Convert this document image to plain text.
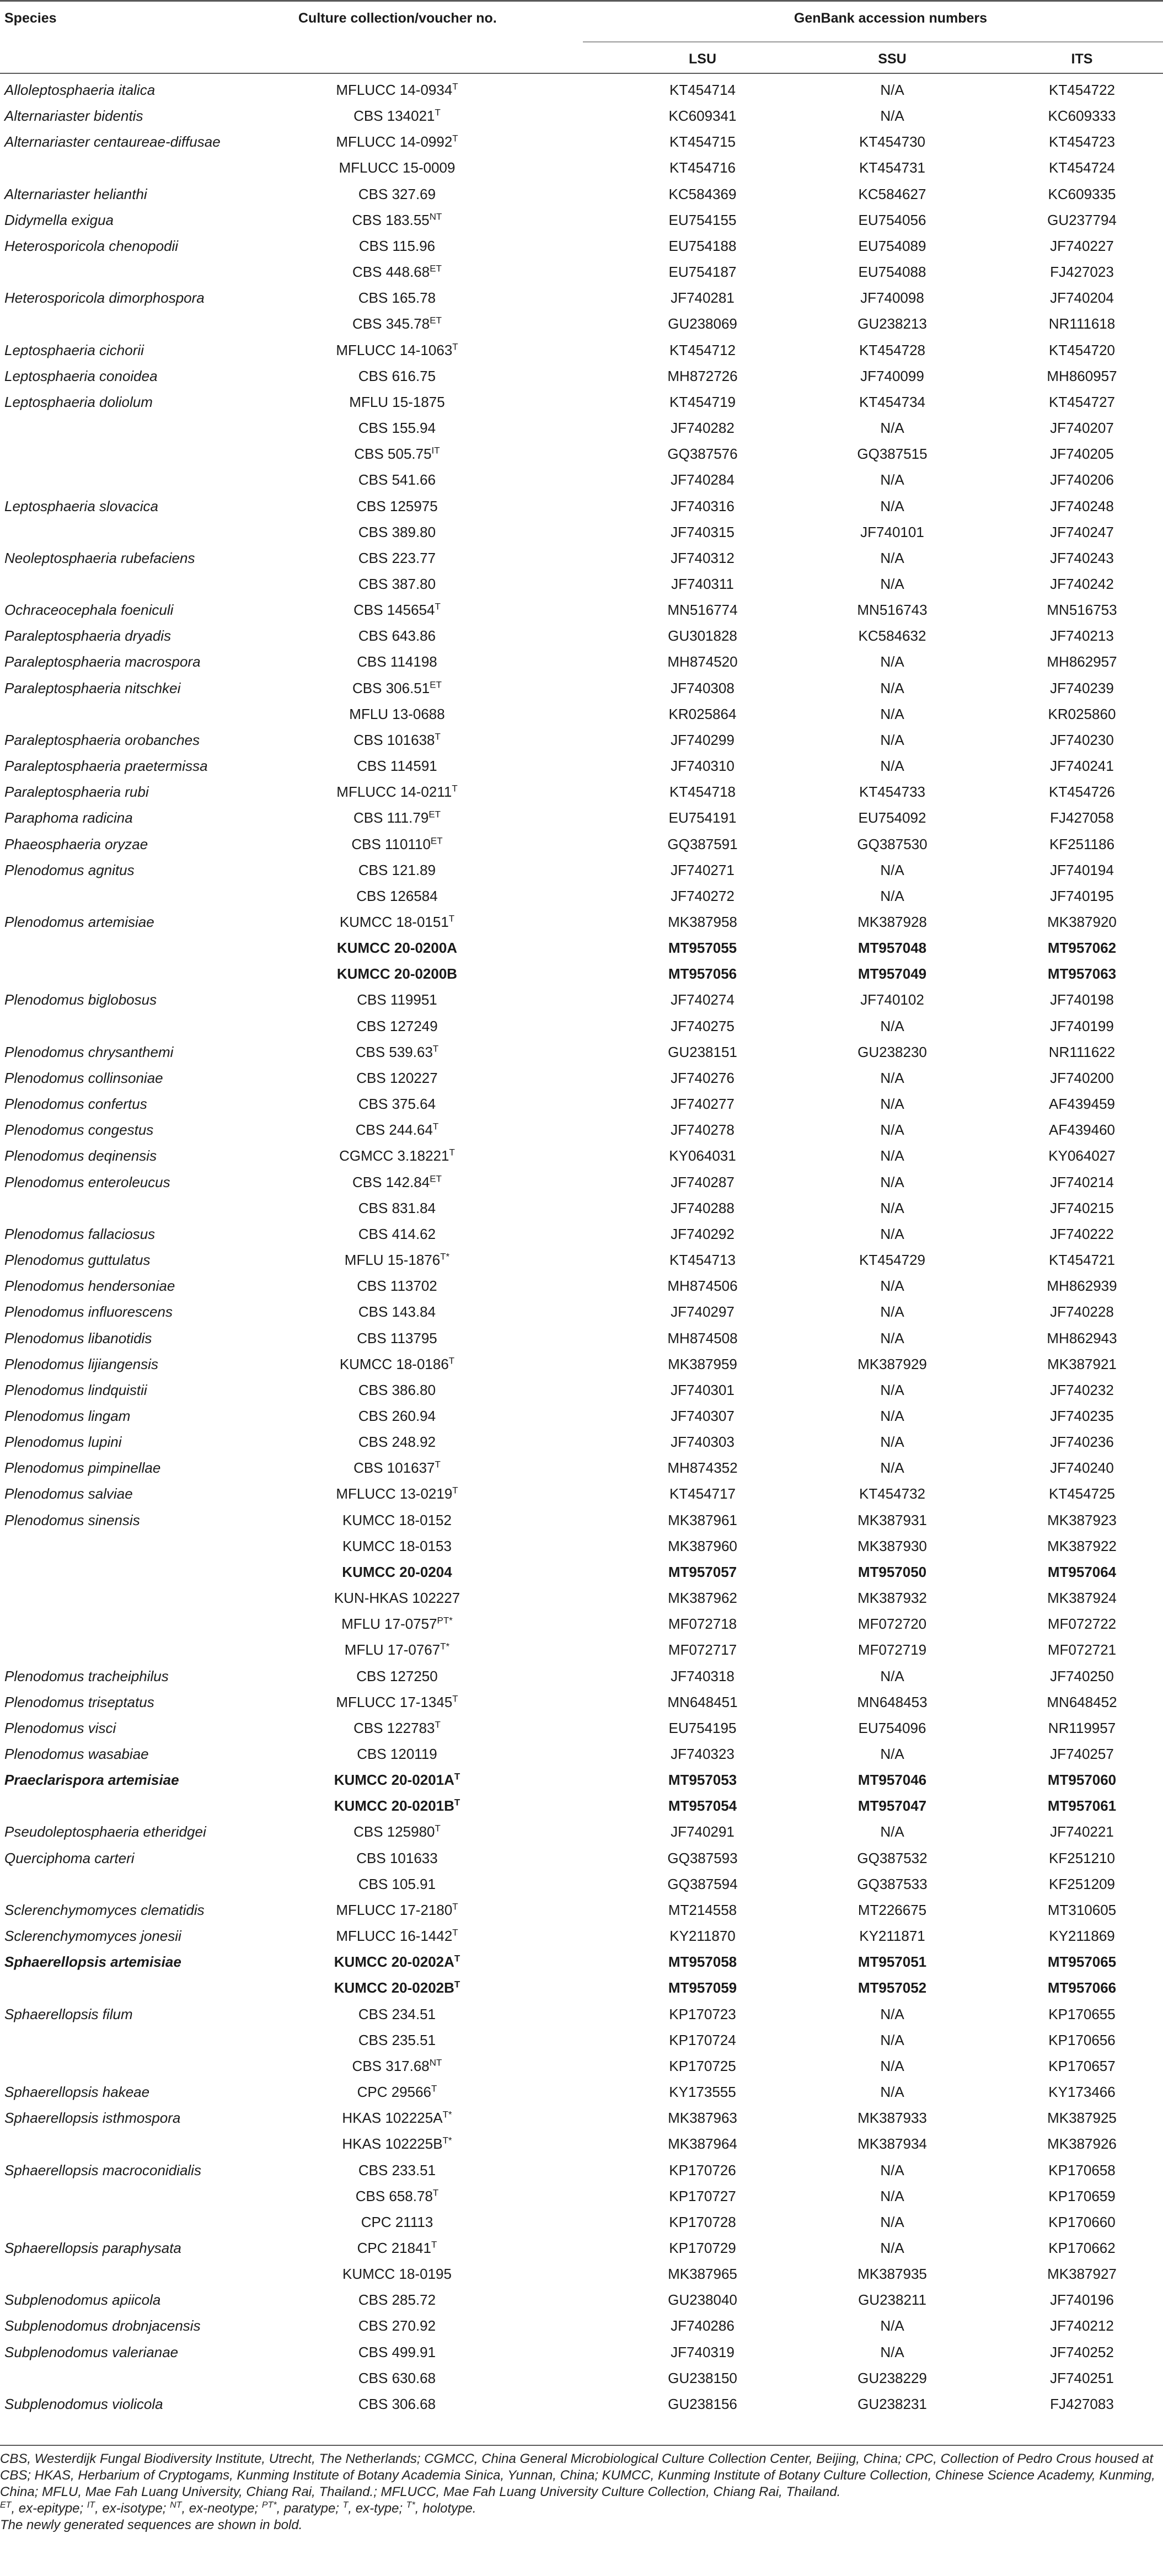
Species	Culture collection/voucher no.	GenBank accession numbers
LSU	SSU	ITS
Alloleptosphaeria italica	MFLUCC $14-0934^T$	KT454714	N/A	KT454722
Alternariaster bidentis	CBS $134021^T$	KC609341	N/A	KC609333
Alternariaster centaureae-diffusae	MFLUCC $14-0992^T$	KT454715	KT454730	KT454723
MFLUCC 15-0009	KT454716	KT454731	KT454724
Alternariaster helianthi	CBS 327.69	KC584369	KC584627	KC609335
Didymella exigua	CBS $183.55^{NT}$	EU754155	EU754056	GU237794
Heterosporicola chenopodii	CBS 115.96	EU754188	EU754089	JF740227
CBS $448.68^{ET}$	EU754187	EU754088	FJ427023
Heterosporicola dimorphospora	CBS 165.78	JF740281	JF740098	JF740204
CBS $345.78^{ET}$	GU238069	GU238213	NR111618
Leptosphaeria cichorii	MFLUCC $14-1063^T$	KT454712	KT454728	KT454720
Leptosphaeria conoidea	CBS 616.75	MH872726	JF740099	MH860957
Leptosphaeria doliolum	MFLU 15-1875	KT454719	KT454734	KT454727
CBS 155.94	JF740282	N/A	JF740207
CBS $505.75^{IT}$	GQ387576	GQ387515	JF740205
CBS 541.66	JF740284	N/A	JF740206
Leptosphaeria slovacica	CBS 125975	JF740316	N/A	JF740248
CBS 389.80	JF740315	JF740101	JF740247
Neoleptosphaeria rubefaciens	CBS 223.77	JF740312	N/A	JF740243
CBS 387.80	JF740311	N/A	JF740242
Ochraceocephala foeniculi	CBS $145654^T$	MN516774	MN516743	MN516753
Paraleptosphaeria dryadis	CBS 643.86	GU301828	KC584632	JF740213
Paraleptosphaeria macrospora	CBS 114198	MH874520	N/A	MH862957
Paraleptosphaeria nitschkei	CBS $306.51^{ET}$	JF740308	N/A	JF740239
MFLU 13-0688	KR025864	N/A	KR025860
Paraleptosphaeria orobanches	CBS $101638^T$	JF740299	N/A	JF740230
Paraleptosphaeria praetermissa	CBS 114591	JF740310	N/A	JF740241
Paraleptosphaeria rubi	MFLUCC $14-0211^T$	KT454718	KT454733	KT454726
Paraphoma radicina	CBS $111.79^{ET}$	EU754191	EU754092	FJ427058
Phaeosphaeria oryzae	CBS $110110^{ET}$	GQ387591	GQ387530	KF251186
Plenodomus agnitus	CBS 121.89	JF740271	N/A	JF740194
CBS 126584	JF740272	N/A	JF740195
Plenodomus artemisiae	KUMCC $18-0151^T$	MK387958	MK387928	MK387920
KUMCC 20-0200A	MT957055	MT957048	MT957062
KUMCC 20-0200B	MT957056	MT957049	MT957063
Plenodomus biglobosus	CBS 119951	JF740274	JF740102	JF740198
CBS 127249	JF740275	N/A	JF740199
Plenodomus chrysanthemi	CBS $539.63^T$	GU238151	GU238230	NR111622
Plenodomus collinsoniae	CBS 120227	JF740276	N/A	JF740200
Plenodomus confertus	CBS 375.64	JF740277	N/A	AF439459
Plenodomus congestus	CBS $244.64^T$	JF740278	N/A	AF439460
Plenodomus deqinensis	CGMCC $3.18221^T$	KY064031	N/A	KY064027
Plenodomus enteroleucus	CBS $142.84^{ET}$	JF740287	N/A	JF740214
CBS 831.84	JF740288	N/A	JF740215
Plenodomus fallaciosus	CBS 414.62	JF740292	N/A	JF740222
Plenodomus guttulatus	MFLU $15-1876^{T*}$	KT454713	KT454729	KT454721
Plenodomus hendersoniae	CBS 113702	MH874506	N/A	MH862939
Plenodomus influorescens	CBS 143.84	JF740297	N/A	JF740228
Plenodomus libanotidis	CBS 113795	MH874508	N/A	MH862943
Plenodomus lijiangensis	KUMCC $18-0186^T$	MK387959	MK387929	MK387921
Plenodomus lindquistii	CBS 386.80	JF740301	N/A	JF740232
Plenodomus lingam	CBS 260.94	JF740307	N/A	JF740235
Plenodomus lupini	CBS 248.92	JF740303	N/A	JF740236
Plenodomus pimpinellae	CBS $101637^T$	MH874352	N/A	JF740240
Plenodomus salviae	MFLUCC $13-0219^T$	KT454717	KT454732	KT454725
Plenodomus sinensis	KUMCC 18-0152	MK387961	MK387931	MK387923
KUMCC 18-0153	MK387960	MK387930	MK387922
KUMCC 20-0204	MT957057	MT957050	MT957064
KUN-HKAS 102227	MK387962	MK387932	MK387924
MFLU $17-0757^{PT*}$	MF072718	MF072720	MF072722
MFLU $17-0767^{T*}$	MF072717	MF072719	MF072721
Plenodomus tracheiphilus	CBS 127250	JF740318	N/A	JF740250
Plenodomus triseptatus	MFLUCC $17-1345^T$	MN648451	MN648453	MN648452
Plenodomus visci	CBS $122783^T$	EU754195	EU754096	NR119957
Plenodomus wasabiae	CBS 120119	JF740323	N/A	JF740257
Praeclarispora artemisiae	KUMCC $20-0201A^T$	MT957053	MT957046	MT957060
KUMCC $20-0201B^T$	MT957054	MT957047	MT957061
Pseudoleptosphaeria etheridgei	CBS $125980^T$	JF740291	N/A	JF740221
Querciphoma carteri	CBS 101633	GQ387593	GQ387532	KF251210
CBS 105.91	GQ387594	GQ387533	KF251209
Sclerenchymomyces clematidis	MFLUCC $17-2180^T$	MT214558	MT226675	MT310605
Sclerenchymomyces jonesii	MFLUCC $16-1442^T$	KY211870	KY211871	KY211869
Sphaerellopsis artemisiae	KUMCC $20-0202A^T$	MT957058	MT957051	MT957065
KUMCC $20-0202B^T$	MT957059	MT957052	MT957066
Sphaerellopsis filum	CBS 234.51	KP170723	N/A	KP170655
CBS 235.51	KP170724	N/A	KP170656
CBS $317.68^{NT}$	KP170725	N/A	KP170657
Sphaerellopsis hakeae	CPC $29566^T$	KY173555	N/A	KY173466
Sphaerellopsis isthmospora	HKAS $102225A^{T*}$	MK387963	MK387933	MK387925
HKAS $102225B^{T*}$	MK387964	MK387934	MK387926
Sphaerellopsis macroconidialis	CBS 233.51	KP170726	N/A	KP170658
CBS $658.78^T$	KP170727	N/A	KP170659
CPC 21113	KP170728	N/A	KP170660
Sphaerellopsis paraphysata	CPC $21841^T$	KP170729	N/A	KP170662
KUMCC 18-0195	MK387965	MK387935	MK387927
Subplenodomus apiicola	CBS 285.72	GU238040	GU238211	JF740196
Subplenodomus drobnjacensis	CBS 270.92	JF740286	N/A	JF740212
Subplenodomus valerianae	CBS 499.91	JF740319	N/A	JF740252
CBS 630.68	GU238150	GU238229	JF740251
Subplenodomus violicola	CBS 306.68	GU238156	GU238231	FJ427083

CBS, Westerdijk Fungal Biodiversity Institute, Utrecht, The Netherlands; CGMCC, China General Microbiological Culture Collection Center, Beijing, China; CPC, Collection of Pedro Crous housed at CBS; HKAS, Herbarium of Cryptogams, Kunming Institute of Botany Academia Sinica, Yunnan, China; KUMCC, Kunming Institute of Botany Culture Collection, Chinese Science Academy, Kunming, China; MFLU, Mae Fah Luang University, Chiang Rai, Thailand.; MFLUCC, Mae Fah Luang University Culture Collection, Chiang Rai, Thailand.

$^{ET}$, ex-epitype; $^{IT}$, ex-isotype; $^{NT}$, ex-neotype; $^{PT*}$, paratype; $^T$, ex-type; $^{T*}$, holotype.

The newly generated sequences are shown in bold.
